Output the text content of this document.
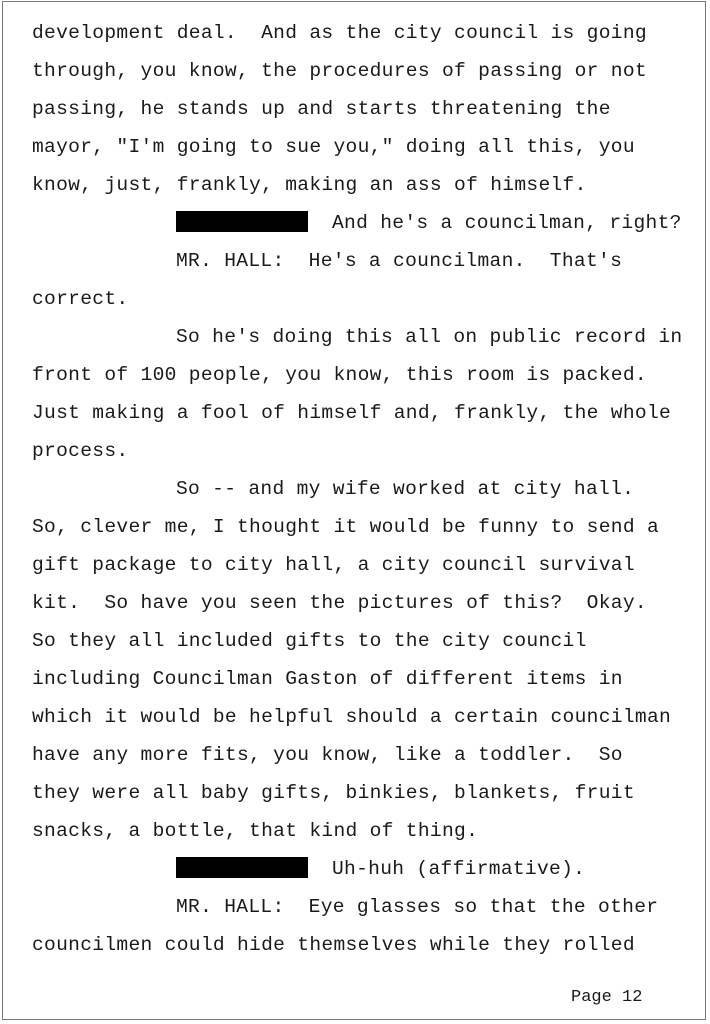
development deal.  And as the city council is going
through, you know, the procedures of passing or not
passing, he stands up and starts threatening the
mayor, "I'm going to sue you," doing all this, you
know, just, frankly, making an ass of himself.
And he's a councilman, right?
MR. HALL:  He's a councilman.  That's
correct.
So he's doing this all on public record in
front of 100 people, you know, this room is packed.
Just making a fool of himself and, frankly, the whole
process.
So -- and my wife worked at city hall.
So, clever me, I thought it would be funny to send a
gift package to city hall, a city council survival
kit.  So have you seen the pictures of this?  Okay.
So they all included gifts to the city council
including Councilman Gaston of different items in
which it would be helpful should a certain councilman
have any more fits, you know, like a toddler.  So
they were all baby gifts, binkies, blankets, fruit
snacks, a bottle, that kind of thing.
Uh-huh (affirmative).
MR. HALL:  Eye glasses so that the other
councilmen could hide themselves while they rolled
Page 12
